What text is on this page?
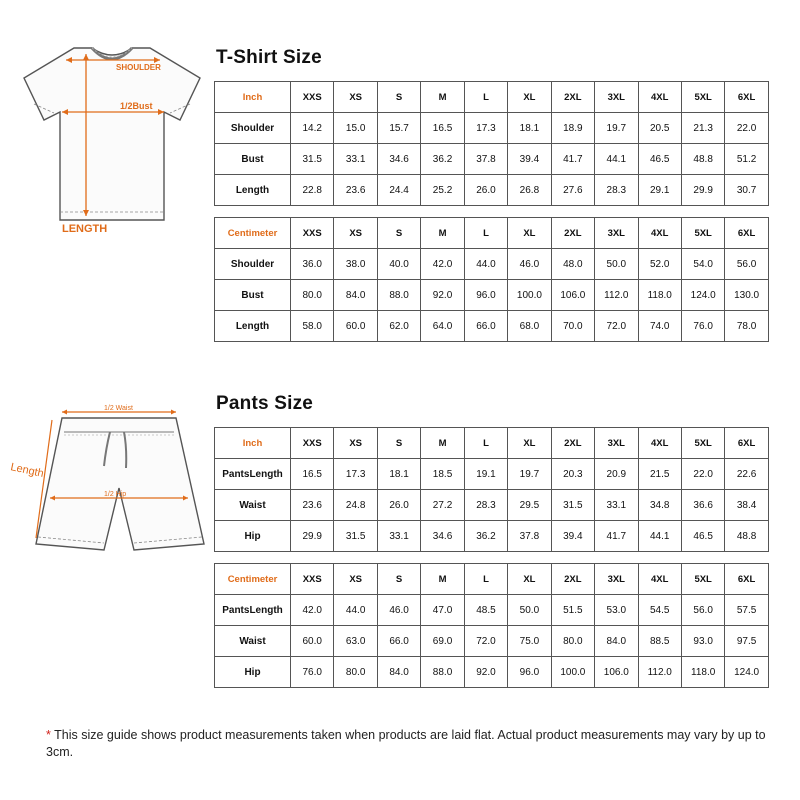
SHOULDER
1/2Bust
LENGTH
T-Shirt Size
Inch	XXS	XS	S	M	L	XL	2XL	3XL	4XL	5XL	6XL
Shoulder	14.2	15.0	15.7	16.5	17.3	18.1	18.9	19.7	20.5	21.3	22.0
Bust	31.5	33.1	34.6	36.2	37.8	39.4	41.7	44.1	46.5	48.8	51.2
Length	22.8	23.6	24.4	25.2	26.0	26.8	27.6	28.3	29.1	29.9	30.7
Centimeter	XXS	XS	S	M	L	XL	2XL	3XL	4XL	5XL	6XL
Shoulder	36.0	38.0	40.0	42.0	44.0	46.0	48.0	50.0	52.0	54.0	56.0
Bust	80.0	84.0	88.0	92.0	96.0	100.0	106.0	112.0	118.0	124.0	130.0
Length	58.0	60.0	62.0	64.0	66.0	68.0	70.0	72.0	74.0	76.0	78.0
1/2 Waist
1/2 Hip
Length
Pants Size
Inch	XXS	XS	S	M	L	XL	2XL	3XL	4XL	5XL	6XL
PantsLength	16.5	17.3	18.1	18.5	19.1	19.7	20.3	20.9	21.5	22.0	22.6
Waist	23.6	24.8	26.0	27.2	28.3	29.5	31.5	33.1	34.8	36.6	38.4
Hip	29.9	31.5	33.1	34.6	36.2	37.8	39.4	41.7	44.1	46.5	48.8
Centimeter	XXS	XS	S	M	L	XL	2XL	3XL	4XL	5XL	6XL
PantsLength	42.0	44.0	46.0	47.0	48.5	50.0	51.5	53.0	54.5	56.0	57.5
Waist	60.0	63.0	66.0	69.0	72.0	75.0	80.0	84.0	88.5	93.0	97.5
Hip	76.0	80.0	84.0	88.0	92.0	96.0	100.0	106.0	112.0	118.0	124.0
* This size guide shows product measurements taken when products are laid flat. Actual product measurements may vary by up to 3cm.
